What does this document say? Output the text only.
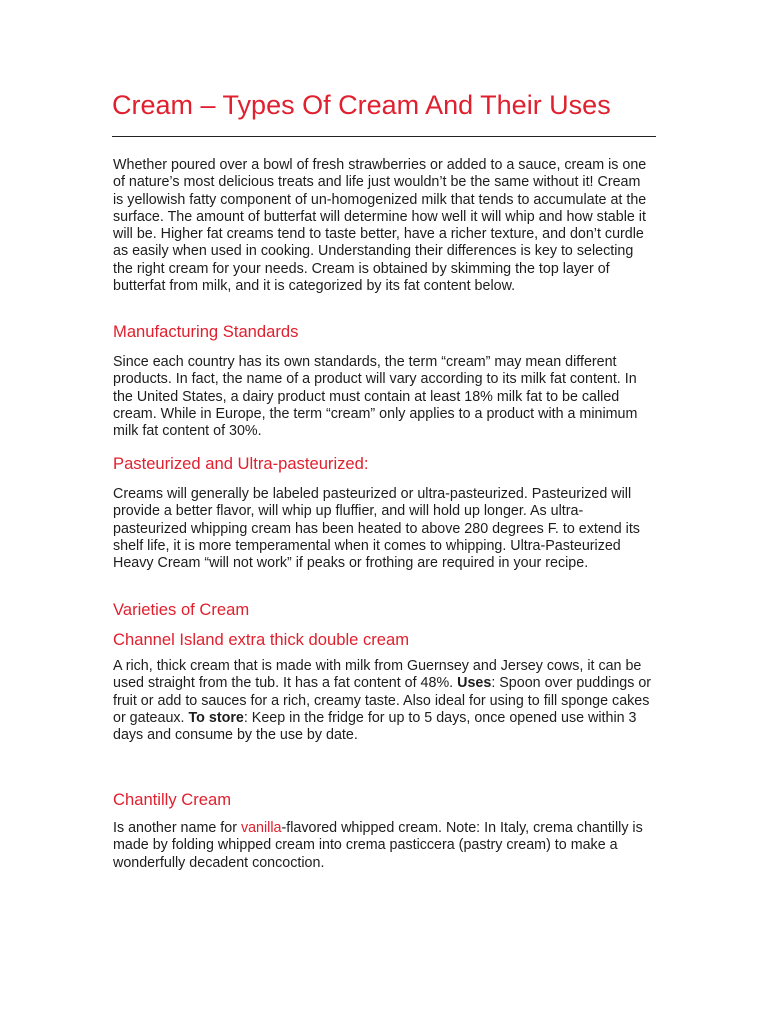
Cream – Types Of Cream And Their Uses

Whether poured over a bowl of fresh strawberries or added to a sauce, cream is one of nature’s most delicious treats and life just wouldn’t be the same without it! Cream is yellowish fatty component of un-homogenized milk that tends to accumulate at the surface. The amount of butterfat will determine how well it will whip and how stable it will be. Higher fat creams tend to taste better, have a richer texture, and don’t curdle as easily when used in cooking. Understanding their differences is key to selecting the right cream for your needs. Cream is obtained by skimming the top layer of butterfat from milk, and it is categorized by its fat content below.

Manufacturing Standards

Since each country has its own standards, the term “cream” may mean different products. In fact, the name of a product will vary according to its milk fat content. In the United States, a dairy product must contain at least 18% milk fat to be called cream. While in Europe, the term “cream” only applies to a product with a minimum milk fat content of 30%.

Pasteurized and Ultra-pasteurized:

Creams will generally be labeled pasteurized or ultra-pasteurized. Pasteurized will provide a better flavor, will whip up fluffier, and will hold up longer. As ultra-pasteurized whipping cream has been heated to above 280 degrees F. to extend its shelf life, it is more temperamental when it comes to whipping. Ultra-Pasteurized Heavy Cream “will not work” if peaks or frothing are required in your recipe.

Varieties of Cream
Channel Island extra thick double cream

A rich, thick cream that is made with milk from Guernsey and Jersey cows, it can be used straight from the tub. It has a fat content of 48%. Uses: Spoon over puddings or fruit or add to sauces for a rich, creamy taste. Also ideal for using to fill sponge cakes or gateaux. To store: Keep in the fridge for up to 5 days, once opened use within 3 days and consume by the use by date.

Chantilly Cream

Is another name for vanilla-flavored whipped cream. Note: In Italy, crema chantilly is made by folding whipped cream into crema pasticcera (pastry cream) to make a wonderfully decadent concoction.
